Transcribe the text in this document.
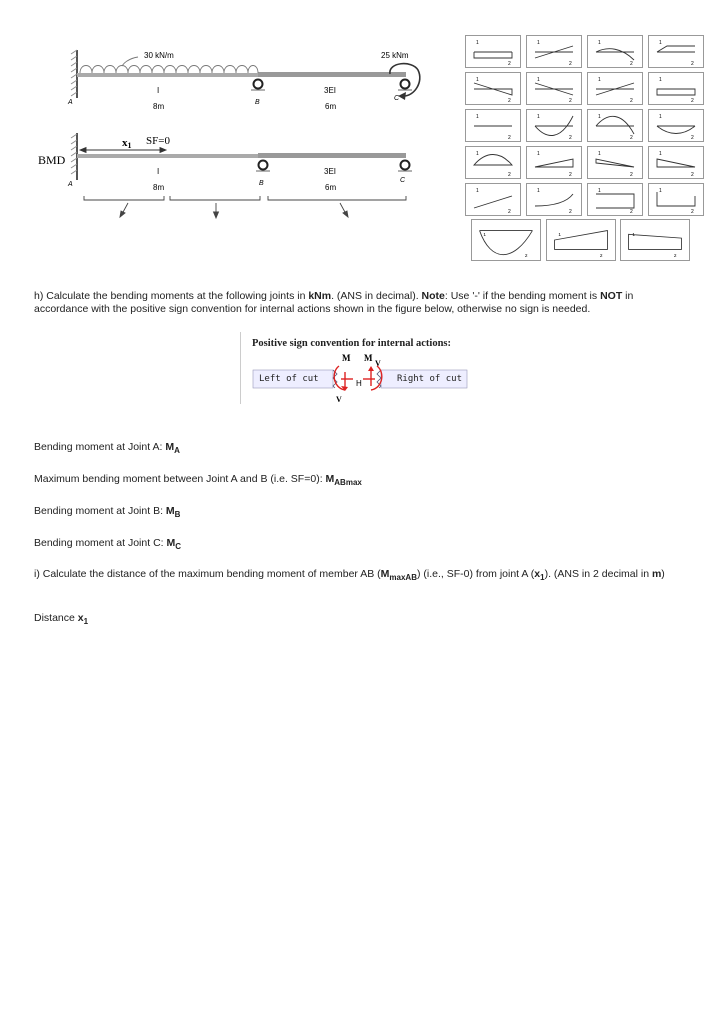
30 kN/m	25 kNm
I	3EI
8m	6m
A	B
C
BMD
x1 SF=0
I	3EI
8m	6m
A	B	C
1
2
1
2
1
2
1
2
1
2
1
2
1
2
1
2
1
2
1
2
1
2
1
2
1
2
1
2
1
2
1
2
1
2
1
2
1
2
1
2
1
2
1
2
1
2
h) Calculate the bending moments at the following joints in kNm. (ANS in decimal). Note: Use '-' if the bending moment is NOT in accordance with the positive sign convention for internal actions shown in the figure below, otherwise no sign is needed.
Positive sign convention for internal actions:
M M
V
V
H
Left of cut	Right of cut
Bending moment at Joint A: $M_A$
Maximum bending moment between Joint A and B (i.e. SF=0): $M_{ABmax}$
Bending moment at Joint B: $M_B$
Bending moment at Joint C: $M_C$
i) Calculate the distance of the maximum bending moment of member AB $(M_{maxAB})$ (i.e., SF-0) from joint A $(x_1)$. (ANS in 2 decimal in m)
Distance $x_1$
